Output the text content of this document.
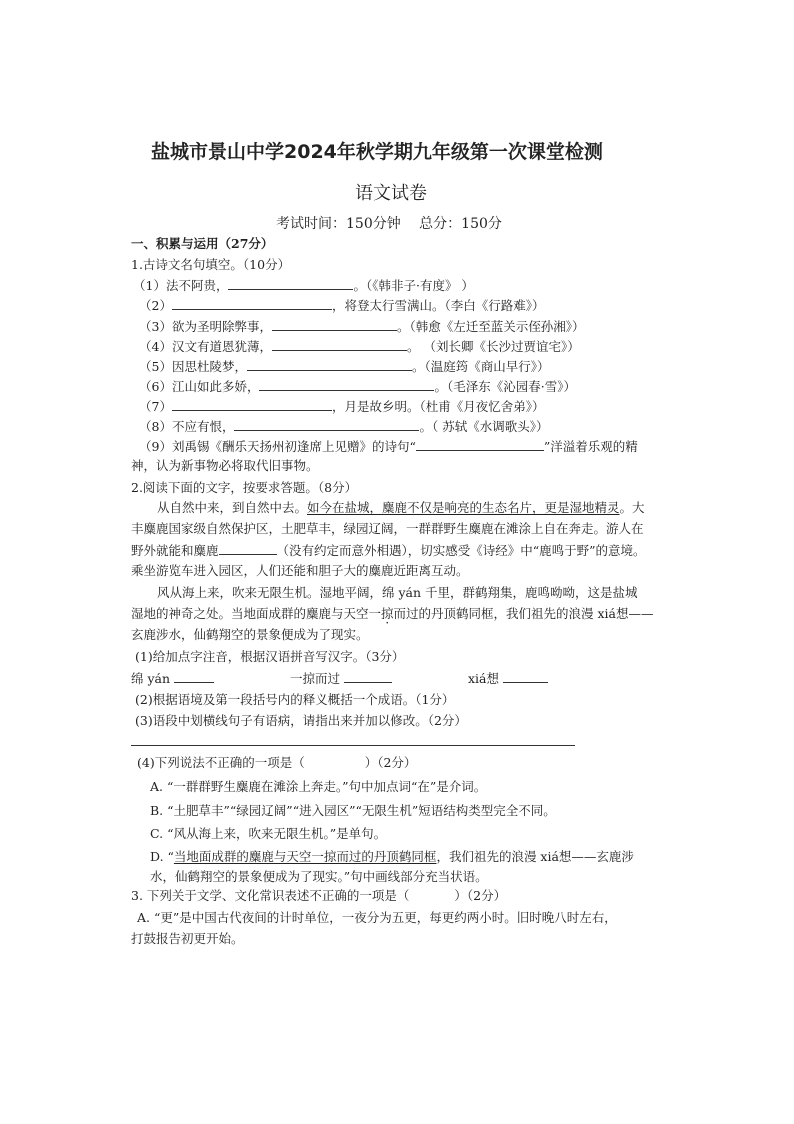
盐城市景山中学2024年秋学期九年级第一次课堂检测
语文试卷
考试时间：150分钟　 总分：150分
一、积累与运用（27分）
1.古诗文名句填空。（10分）
（1）法不阿贵，	。（《韩非子·有度》 ）
（2）	，将登太行雪满山。（李白《行路难》）
（3）欲为圣明除弊事，	。（韩愈《左迁至蓝关示侄孙湘》）
（4）汉文有道恩犹薄，	。 （刘长卿《长沙过贾谊宅》）
（5）因思杜陵梦，	。（温庭筠《商山早行》）
（6）江山如此多娇，	。（毛泽东《沁园春·雪》）
（7）	，月是故乡明。（杜甫《月夜忆舍弟》）
（8）不应有恨，	。（ 苏轼《水调歌头》）
（9）刘禹锡《酬乐天扬州初逢席上见赠》的诗句“	”洋溢着乐观的精
神，认为新事物必将取代旧事物。
2.阅读下面的文字，按要求答题。（8分）
从自然中来，到自然中去。如今在盐城，麋鹿不仅是响亮的生态名片，更是湿地精灵。大
丰麋鹿国家级自然保护区，土肥草丰，绿园辽阔，一群群野生麋鹿在滩涂上自在奔走。游人在
野外就能和麋鹿	（没有约定而意外相遇），切实感受《诗经》中“鹿鸣于野”的意境。
乘坐游览车进入园区，人们还能和胆子大的麋鹿近距离互动。
风从海上来，吹来无限生机。湿地平阔，绵 yán 千里，群鹤翔集，鹿鸣呦呦，这是盐城
湿地的神奇之处。当地面成群的麋鹿与天空一掠而过的丹顶鹤同框，我们祖先的浪漫 xiá想——
玄鹿涉水，仙鹤翔空的景象便成为了现实。
(1)给加点字注音，根据汉语拼音写汉字。（3分）
绵 yán	一掠而过	xiá想
(2)根据语境及第一段括号内的释义概括一个成语。（1分）
(3)语段中划横线句子有语病，请指出来并加以修改。（2分）
(4)下列说法不正确的一项是（	）（2分）
A. “一群群野生麋鹿在滩涂上奔走。”句中加点词“在”是介词。
B. “土肥草丰”“绿园辽阔”“进入园区”“无限生机”短语结构类型完全不同。
C. “风从海上来，吹来无限生机。”是单句。
D. “当地面成群的麋鹿与天空一掠而过的丹顶鹤同框，我们祖先的浪漫 xiá想——玄鹿涉
水，仙鹤翔空的景象便成为了现实。”句中画线部分充当状语。
3. 下列关于文学、文化常识表述不正确的一项是（	）（2分）
A. “更”是中国古代夜间的计时单位，一夜分为五更，每更约两小时。旧时晚八时左右，
打鼓报告初更开始。
